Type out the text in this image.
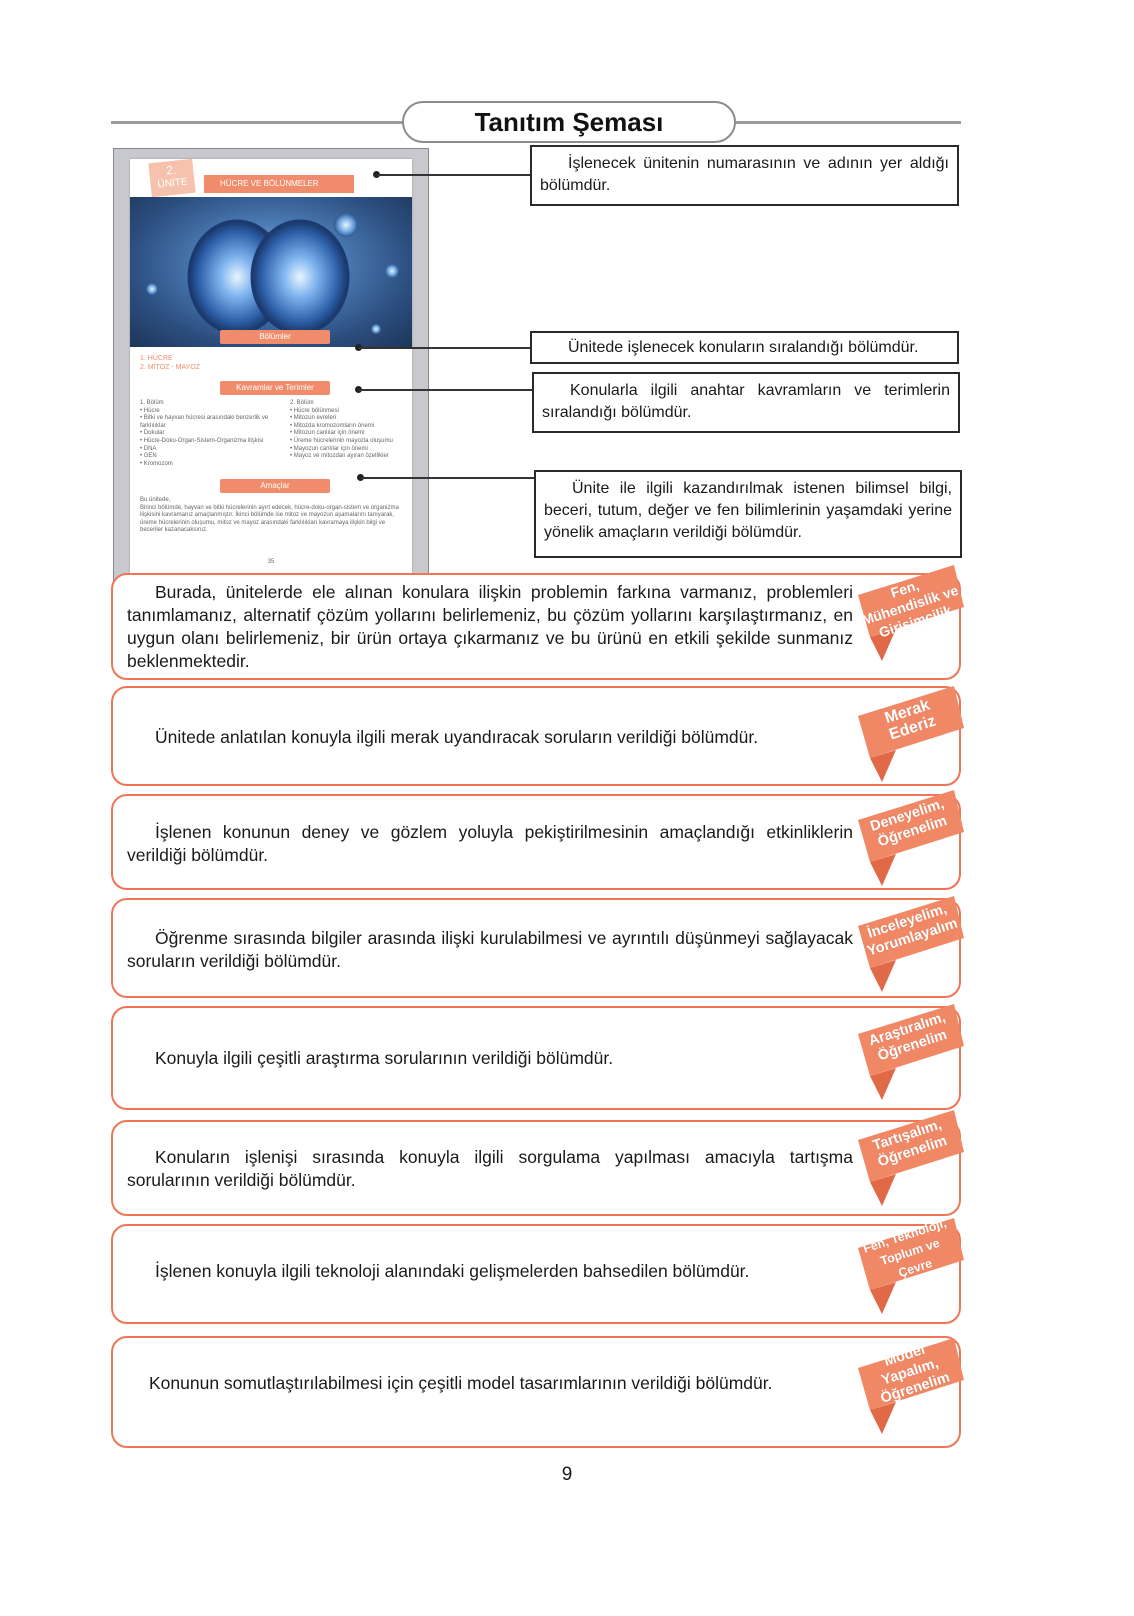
Tanıtım Şeması
2.
ÜNİTE	HÜCRE VE BÖLÜNMELER
Bölümler
1. HÜCRE
2. MİTOZ - MAYOZ
Kavramlar ve Terimler
1. Bölüm
• Hücre
• Bitki ve hayvan hücresi arasındaki benzerlik ve farklılıklar
• Dokular
• Hücre-Doku-Organ-Sistem-Organizma ilişkisi
• DNA
• GEN
• Kromozom
2. Bölüm
• Hücre bölünmesi
• Mitozun evreleri
• Mitozda kromozomların önemi
• Mitozun canlılar için önemi
• Üreme hücrelerinin mayozla oluşumu
• Mayozun canlılar için önemi
• Mayoz ve mitozdan ayıran özellikler
Amaçlar
Bu ünitede,
Birinci bölümde, hayvan ve bitki hücrelerinin ayırt edecek, hücre-doku-organ-sistem ve organizma ilişkisini kavramanız amaçlanmıştır. İkinci bölümde ise mitoz ve mayozun aşamalarını tanıyarak, üreme hücrelerinin oluşumu, mitoz ve mayoz arasındaki farklılıkları kavramaya ilişkin bilgi ve beceriler kazanacaksınız.
35
İşlenecek ünitenin numarasının ve adının yer aldığı bölümdür.
Ünitede işlenecek konuların sıralandığı bölümdür.
Konularla ilgili anahtar kavramların ve terimlerin sıralandığı bölümdür.
Ünite ile ilgili kazandırılmak istenen bilimsel bilgi, beceri, tutum, değer ve fen bilimlerinin yaşamdaki yerine yönelik amaçların verildiği bölümdür.
Burada, ünitelerde ele alınan konulara ilişkin problemin farkına varmanız, problemleri tanımlamanız, alternatif çözüm yollarını belirlemeniz, bu çözüm yollarını karşılaştırmanız, en uygun olanı belirlemeniz, bir ürün ortaya çıkarmanız ve bu ürünü en etkili şekilde sunmanız beklenmektedir.
Ünitede anlatılan konuyla ilgili merak uyandıracak soruların verildiği bölümdür.
İşlenen konunun deney ve gözlem yoluyla pekiştirilmesinin amaçlandığı etkinliklerin verildiği bölümdür.
Öğrenme sırasında bilgiler arasında ilişki kurulabilmesi ve ayrıntılı düşünmeyi sağlayacak soruların verildiği bölümdür.
Konuyla ilgili çeşitli araştırma sorularının verildiği bölümdür.
Konuların işlenişi sırasında konuyla ilgili sorgulama yapılması amacıyla tartışma sorularının verildiği bölümdür.
İşlenen konuyla ilgili teknoloji alanındaki gelişmelerden bahsedilen bölümdür.
Konunun somutlaştırılabilmesi için çeşitli model tasarımlarının verildiği bölümdür.
Fen, Mühendislik ve Girişimcilik
Merak Ederiz
Deneyelim, Öğrenelim
İnceleyelim, Yorumlayalım
Araştıralım, Öğrenelim
Tartışalım, Öğrenelim
Fen, Teknoloji, Toplum ve Çevre
Model Yapalım, Öğrenelim
9
